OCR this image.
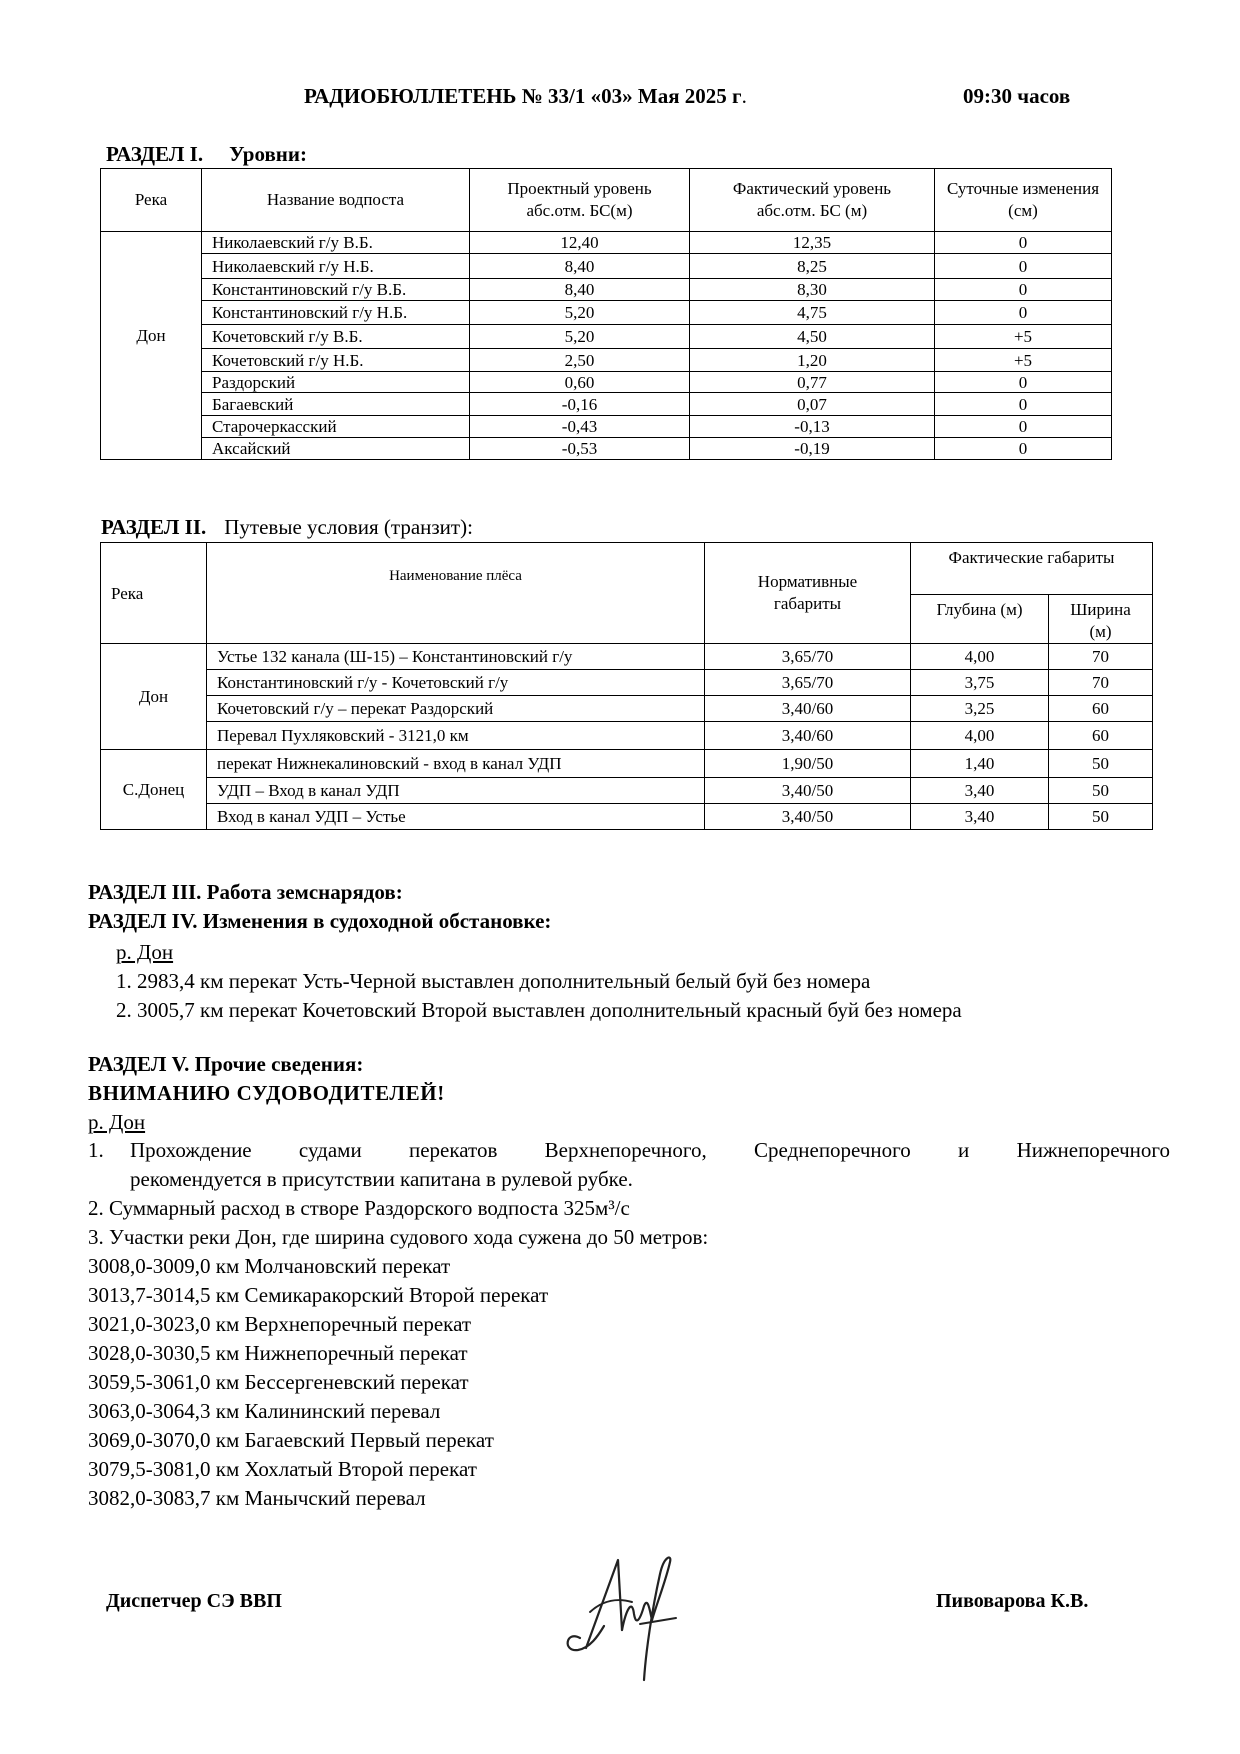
РАДИОБЮЛЛЕТЕНЬ № 33/1 «03» Мая 2025 г.	09:30 часов
РАЗДЕЛ I. Уровни:
Река	Название водпоста	Проектный уровень абс.отм. БС(м)	Фактический уровень абс.отм. БС (м)	Суточные изменения (см)
Дон	Николаевский г/у В.Б.	12,40	12,35	0
	Николаевский г/у Н.Б.	8,40	8,25	0
	Константиновский г/у В.Б.	8,40	8,30	0
	Константиновский г/у Н.Б.	5,20	4,75	0
	Кочетовский г/у В.Б.	5,20	4,50	+5
	Кочетовский г/у Н.Б.	2,50	1,20	+5
	Раздорский	0,60	0,77	0
	Багаевский	-0,16	0,07	0
	Старочеркасский	-0,43	-0,13	0
	Аксайский	-0,53	-0,19	0
РАЗДЕЛ II. Путевые условия (транзит):
Река	Наименование плёса	Нормативные габариты	Фактические габариты	
			Глубина (м)	Ширина (м)
Дон	Устье 132 канала (Ш-15) – Константиновский г/у	3,65/70	4,00	70
	Константиновский г/у - Кочетовский г/у	3,65/70	3,75	70
	Кочетовский г/у – перекат Раздорский	3,40/60	3,25	60
	Перевал Пухляковский - 3121,0 км	3,40/60	4,00	60
С.Донец	перекат Нижнекалиновский - вход в канал УДП	1,90/50	1,40	50
	УДП – Вход в канал УДП	3,40/50	3,40	50
	Вход в канал УДП – Устье	3,40/50	3,40	50
РАЗДЕЛ III. Работа земснарядов:
РАЗДЕЛ IV. Изменения в судоходной обстановке:
р. Дон
1. 2983,4 км перекат Усть-Черной выставлен дополнительный белый буй без номера
2. 3005,7 км перекат Кочетовский Второй выставлен дополнительный красный буй без номера
РАЗДЕЛ V. Прочие сведения:
ВНИМАНИЮ СУДОВОДИТЕЛЕЙ!
р. Дон
1. Прохождение судами перекатов Верхнепоречного, Среднепоречного и Нижнепоречного
рекомендуется в присутствии капитана в рулевой рубке.
2. Суммарный расход в створе Раздорского водпоста 325м³/с
3. Участки реки Дон, где ширина судового хода сужена до 50 метров:
3008,0-3009,0 км Молчановский перекат
3013,7-3014,5 км Семикаракорский Второй перекат
3021,0-3023,0 км Верхнепоречный перекат
3028,0-3030,5 км Нижнепоречный перекат
3059,5-3061,0 км Бессергеневский перекат
3063,0-3064,3 км Калининский перевал
3069,0-3070,0 км Багаевский Первый перекат
3079,5-3081,0 км Хохлатый Второй перекат
3082,0-3083,7 км Манычский перевал
Диспетчер СЭ ВВП	Пивоварова К.В.
